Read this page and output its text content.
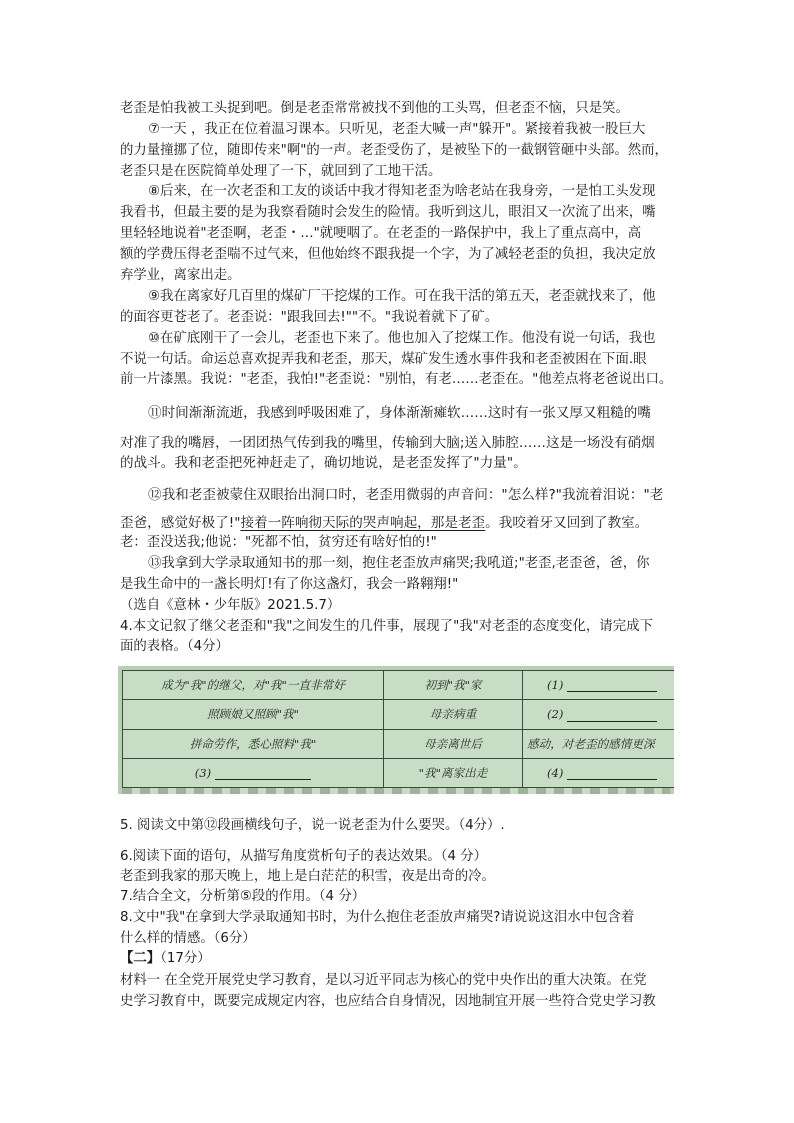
老歪是怕我被工头捉到吧。倒是老歪常常被找不到他的工头骂，但老歪不恼，只是笑。
⑦一天 ，我正在位着温习课本。只听见，老歪大喊一声"躲开"。紧接着我被一股巨大
的力量撞挪了位，随即传来"啊"的一声。老歪受伤了，是被坠下的一截钢管砸中头部。然而，
老歪只是在医院简单处理了一下，就回到了工地干活。
⑧后来，在一次老歪和工友的谈话中我才得知老歪为啥老站在我身旁，一是怕工头发现
我看书，但最主要的是为我察看随时会发生的险情。我听到这儿，眼泪又一次流了出来，嘴
里轻轻地说着"老歪啊，老歪・…"就哽咽了。在老歪的一路保护中，我上了重点高中，高
额的学费压得老歪喘不过气来，但他始终不跟我提一个字，为了减轻老歪的负担，我决定放
弃学业，离家出走。
⑨我在离家好几百里的煤矿厂干挖煤的工作。可在我干活的第五天，老歪就找来了，他
的面容更苍老了。老歪说："跟我回去!""不。"我说着就下了矿。
⑩在矿底刚干了一会儿，老歪也下来了。他也加入了挖煤工作。他没有说一句话，我也
不说一句话。命运总喜欢捉弄我和老歪，那天，煤矿发生透水事件我和老歪被困在下面.眼
前一片漆黑。我说："老歪，我怕!"老歪说："别怕，有老……老歪在。"他差点将老爸说出口。
⑪时间渐渐流逝，我感到呼吸困难了，身体渐渐瘫软……这时有一张又厚又粗糙的嘴
对准了我的嘴唇，一团团热气传到我的嘴里，传输到大脑;送入肺腔……这是一场没有硝烟
的战斗。我和老歪把死神赶走了，确切地说，是老歪发挥了"力量"。
⑫我和老歪被蒙住双眼抬出洞口时，老歪用微弱的声音问："怎么样?"我流着泪说："老
歪爸，感觉好极了!"接着一阵响彻天际的哭声响起，那是老歪。我咬着牙又回到了教室。
老：歪没送我;他说："死都不怕，贫穷还有啥好怕的!"
⑬我拿到大学录取通知书的那一刻，抱住老歪放声痛哭;我吼道;"老歪,老歪爸，爸，你
是我生命中的一盏长明灯!有了你这盏灯，我会一路翱翔!"
（选自《意林・少年版》2021.5.7）
4.本文记叙了继父老歪和"我"之间发生的几件事，展现了"我"对老歪的态度变化，请完成下
面的表格。（4分）
成为"我"的继父，对"我"一直非常好	初到"我"家	(1)
照顾娘又照顾"我"	母亲病重	(2)
拼命劳作，悉心照料"我"	母亲离世后	感动，对老歪的感情更深
(3)	"我"离家出走	(4)
5. 阅读文中第⑫段画横线句子，说一说老歪为什么要哭。（4分）.
6.阅读下面的语句，从描写角度赏析句子的表达效果。（4 分）
老歪到我家的那天晚上，地上是白茫茫的积雪，夜是出奇的冷。
7.结合全文，分析第⑤段的作用。（4 分）
8.文中"我"在拿到大学录取通知书时，为什么抱住老歪放声痛哭?请说说这泪水中包含着
什么样的情感。（6分）
【二】（17分）
材料一 在全党开展党史学习教育，是以习近平同志为核心的党中央作出的重大决策。在党
史学习教育中，既要完成规定内容，也应结合自身情况，因地制宜开展一些符合党史学习教
